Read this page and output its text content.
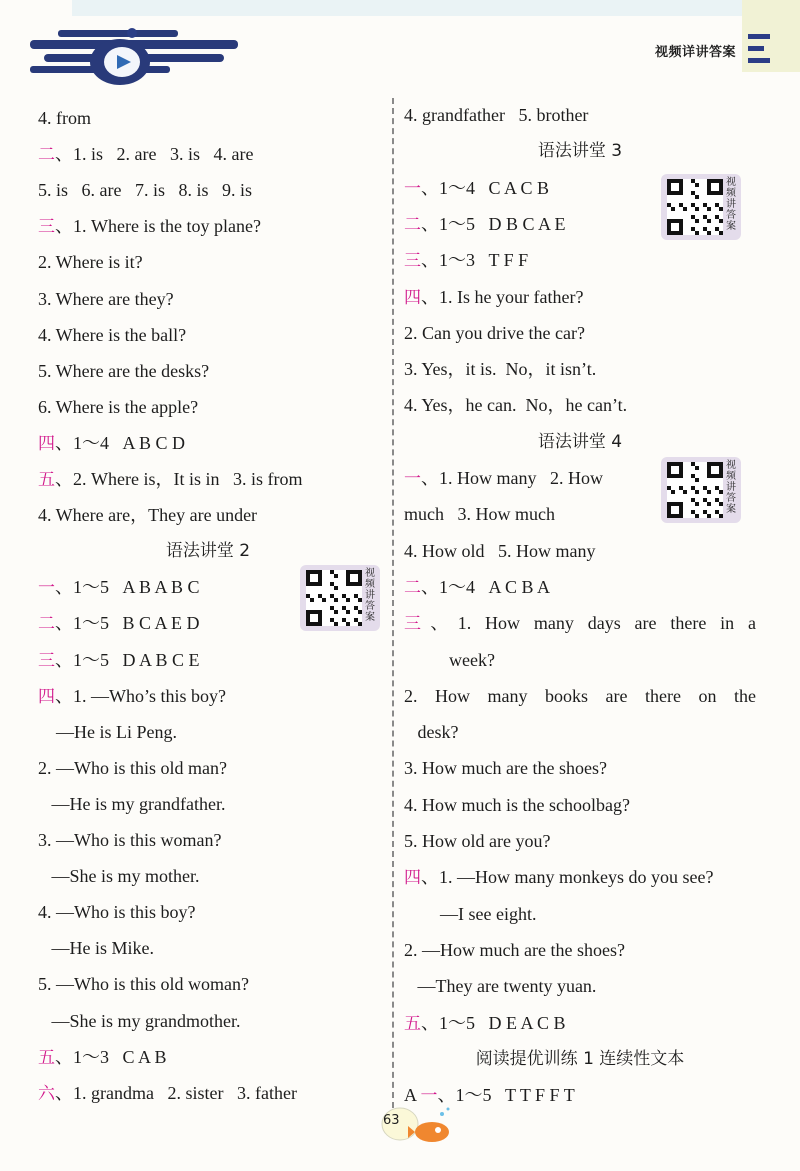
视频详讲答案
4. from
二、1. is   2. are   3. is   4. are
5. is   6. are   7. is   8. is   9. is
三、1. Where is the toy plane?
2. Where is it?
3. Where are they?
4. Where is the ball?
5. Where are the desks?
6. Where is the apple?
四、1～4   A B C D
五、2. Where is，It is in   3. is from
4. Where are，They are under
语法讲堂 2
一、1～5   A B A B C
二、1～5   B C A E D
三、1～5   D A B C E
四、1. —Who’s this boy?
—He is Li Peng.
2. —Who is this old man?
—He is my grandfather.
3. —Who is this woman?
—She is my mother.
4. —Who is this boy?
—He is Mike.
5. —Who is this old woman?
—She is my grandmother.
五、1～3   C A B
六、1. grandma   2. sister   3. father
4. grandfather   5. brother
语法讲堂 3
一、1～4   C A C B
二、1～5   D B C A E
三、1～3   T F F
四、1. Is he your father?
2. Can you drive the car?
3. Yes，it is.  No，it isn’t.
4. Yes，he can.  No，he can’t.
语法讲堂 4
一、1. How many   2. How
much   3. How much
4. How old   5. How many
二、1～4   A C B A
三、1. How many days are there in a
week?
2. How many books are there on the
desk?
3. How much are the shoes?
4. How much is the schoolbag?
5. How old are you?
四、1. —How many monkeys do you see?
—I see eight.
2. —How much are the shoes?
—They are twenty yuan.
五、1～5   D E A C B
阅读提优训练 1 连续性文本
A 一、1～5   T T F F T
视频讲答案
视频讲答案
视频讲答案
63
